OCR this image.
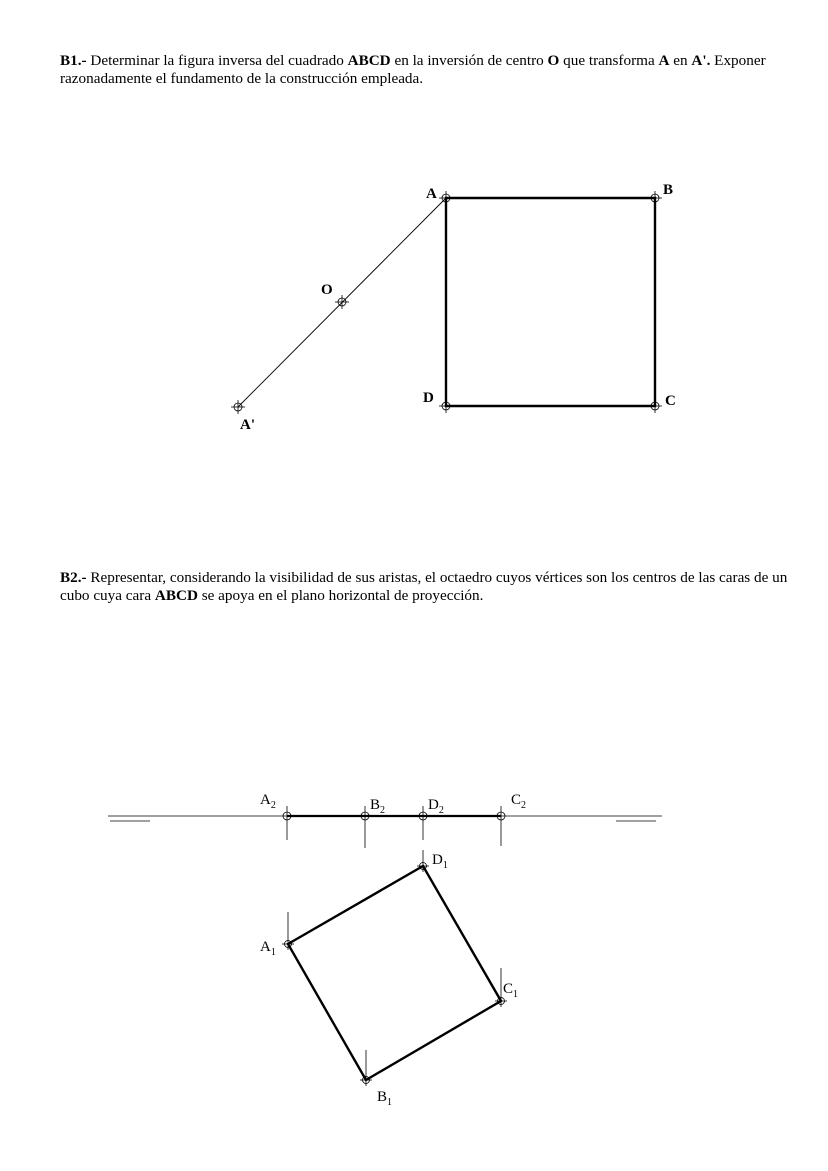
B1.- Determinar la figura inversa del cuadrado ABCD en la inversión de centro O que transforma A en A'. Exponer razonadamente el fundamento de la construcción empleada.
B2.- Representar, considerando la visibilidad de sus aristas, el octaedro cuyos vértices son los centros de las caras de un cubo cuya cara ABCD se apoya en el plano horizontal de proyección.
A	B
C
D
O
A'
$A_2$	$B_2$	$D_2$
$C_2$
$D_1$
$A_1$
$C_1$
$B_1$
